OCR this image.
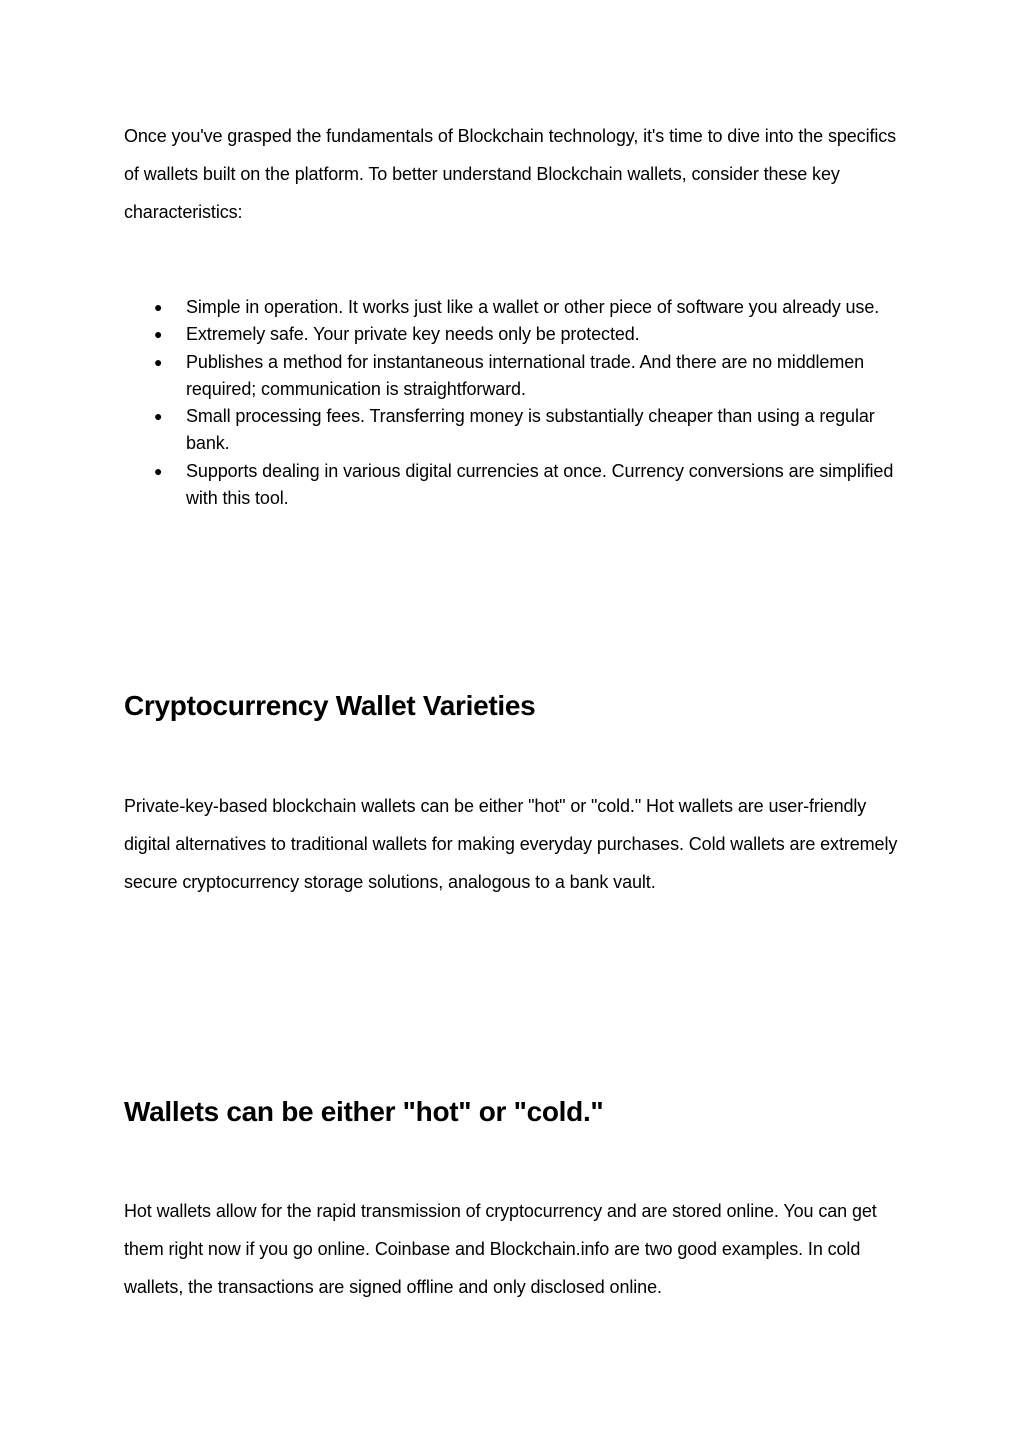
Once you've grasped the fundamentals of Blockchain technology, it's time to dive into the specifics of wallets built on the platform. To better understand Blockchain wallets, consider these key characteristics:

● Simple in operation. It works just like a wallet or other piece of software you already use.
● Extremely safe. Your private key needs only be protected.
● Publishes a method for instantaneous international trade. And there are no middlemen required; communication is straightforward.
● Small processing fees. Transferring money is substantially cheaper than using a regular bank.
● Supports dealing in various digital currencies at once. Currency conversions are simplified with this tool.
Cryptocurrency Wallet Varieties

Private-key-based blockchain wallets can be either "hot" or "cold." Hot wallets are user-friendly digital alternatives to traditional wallets for making everyday purchases. Cold wallets are extremely secure cryptocurrency storage solutions, analogous to a bank vault.

Wallets can be either "hot" or "cold."

Hot wallets allow for the rapid transmission of cryptocurrency and are stored online. You can get them right now if you go online. Coinbase and Blockchain.info are two good examples. In cold wallets, the transactions are signed offline and only disclosed online.
